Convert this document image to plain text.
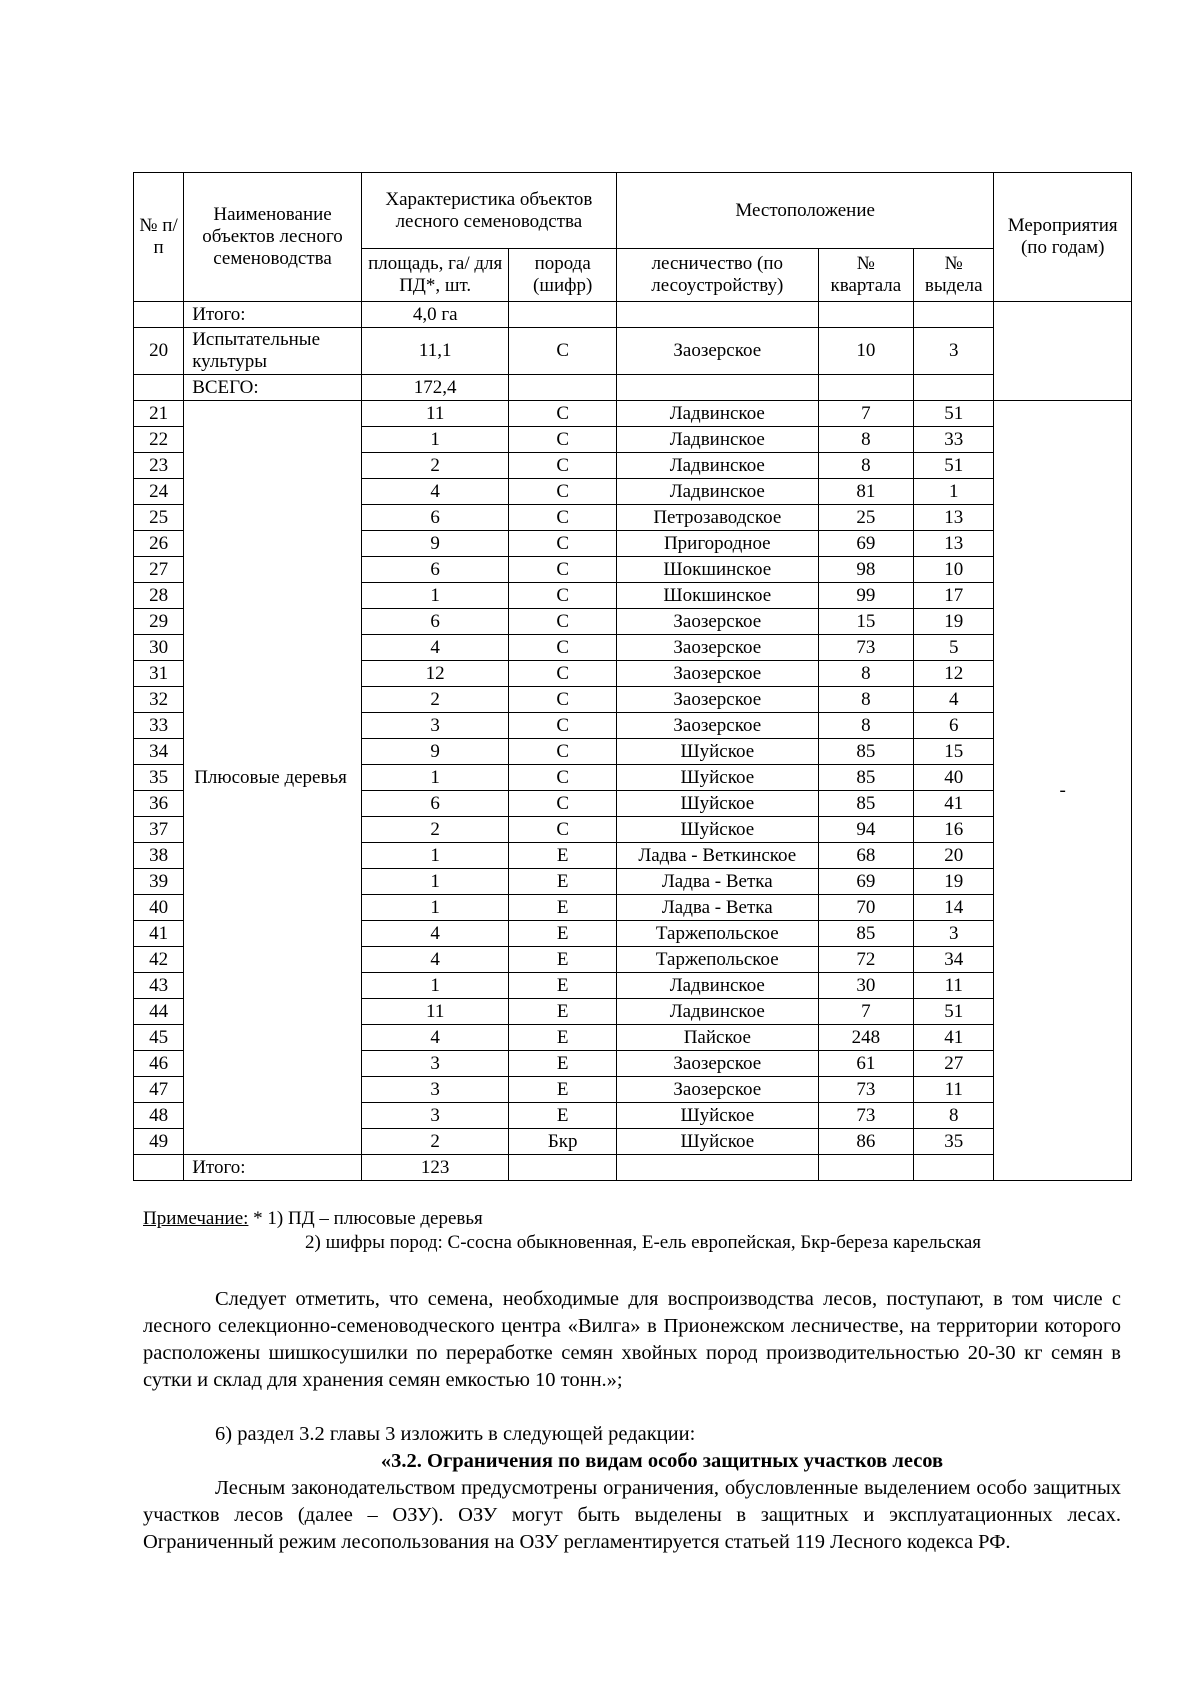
№ п/п	Наименование объектов лесного семеноводства	Характеристика объектов лесного семеноводства		Местоположение			Мероприятия (по годам)
		площадь, га/ для ПД*, шт.	порода (шифр)	лесничество (по лесоустройству)	№ квартала	№ выдела	
	Итого:	4,0 га					
20	Испытательные культуры	11,1	С	Заозерское	10	3	
	ВСЕГО:	172,4					
21	Плюсовые деревья	11	С	Ладвинское	7	51	-
22		1	С	Ладвинское	8	33	
23		2	С	Ладвинское	8	51	
24		4	С	Ладвинское	81	1	
25		6	С	Петрозаводское	25	13	
26		9	С	Пригородное	69	13	
27		6	С	Шокшинское	98	10	
28		1	С	Шокшинское	99	17	
29		6	С	Заозерское	15	19	
30		4	С	Заозерское	73	5	
31		12	С	Заозерское	8	12	
32		2	С	Заозерское	8	4	
33		3	С	Заозерское	8	6	
34		9	С	Шуйское	85	15	
35		1	С	Шуйское	85	40	
36		6	С	Шуйское	85	41	
37		2	С	Шуйское	94	16	
38		1	Е	Ладва - Веткинское	68	20	
39		1	Е	Ладва - Ветка	69	19	
40		1	Е	Ладва - Ветка	70	14	
41		4	Е	Таржепольское	85	3	
42		4	Е	Таржепольское	72	34	
43		1	Е	Ладвинское	30	11	
44		11	Е	Ладвинское	7	51	
45		4	Е	Пайское	248	41	
46		3	Е	Заозерское	61	27	
47		3	Е	Заозерское	73	11	
48		3	Е	Шуйское	73	8	
49		2	Бкр	Шуйское	86	35	
	Итого:	123					
Примечание: * 1) ПД – плюсовые деревья
2) шифры пород: С-сосна обыкновенная, Е-ель европейская, Бкр-береза карельская

Следует отметить, что семена, необходимые для воспроизводства лесов, поступают, в том числе с лесного селекционно-семеноводческого центра «Вилга» в Прионежском лесничестве, на территории которого расположены шишкосушилки по переработке семян хвойных пород производительностью 20-30 кг семян в сутки и склад для хранения семян емкостью 10 тонн.»;

6) раздел 3.2 главы 3 изложить в следующей редакции:

«3.2. Ограничения по видам особо защитных участков лесов

Лесным законодательством предусмотрены ограничения, обусловленные выделением особо защитных участков лесов (далее – ОЗУ). ОЗУ могут быть выделены в защитных и эксплуатационных лесах. Ограниченный режим лесопользования на ОЗУ регламентируется статьей 119 Лесного кодекса РФ.
